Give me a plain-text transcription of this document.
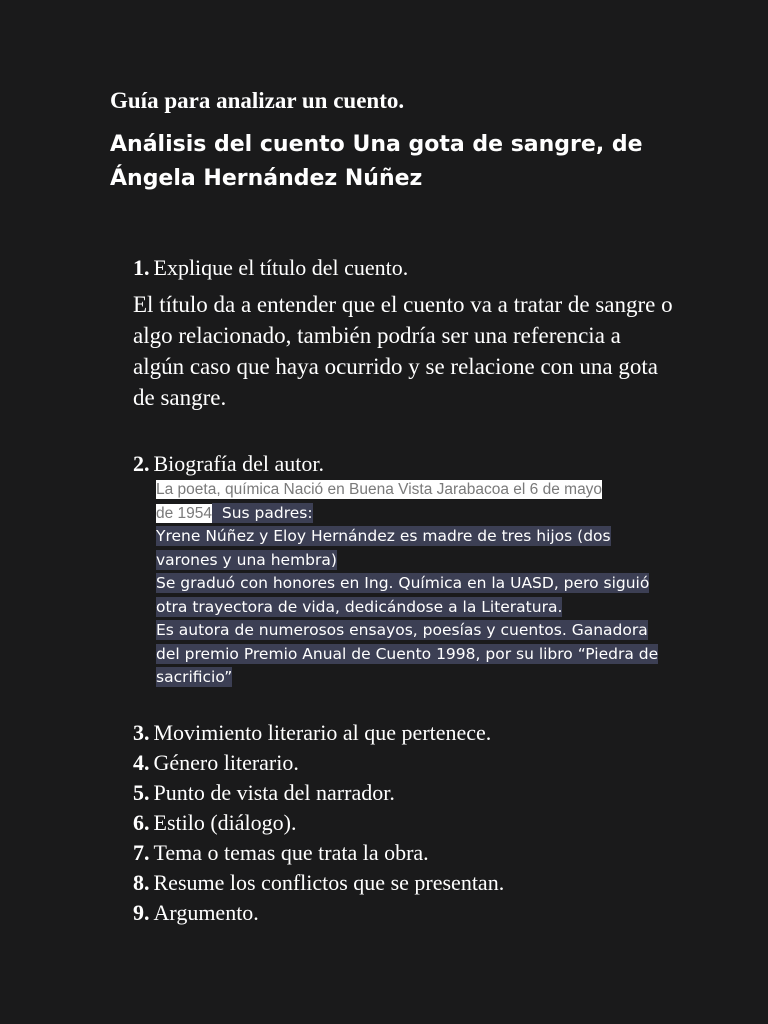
Guía para analizar un cuento.
Análisis del cuento Una gota de sangre, de Ángela Hernández Núñez
1. Explique el título del cuento.

El título da a entender que el cuento va a tratar de sangre o algo relacionado, también podría ser una referencia a algún caso que haya ocurrido y se relacione con una gota de sangre.

2. Biografía del autor.
La poeta, química Nació en Buena Vista Jarabacoa el 6 de mayo
de 1954 Sus padres:
Yrene Núñez y Eloy Hernández es madre de tres hijos (dos varones y una hembra)
Se graduó con honores en Ing. Química en la UASD, pero siguió otra trayectora de vida, dedicándose a la Literatura.
Es autora de numerosos ensayos, poesías y cuentos. Ganadora del premio Premio Anual de Cuento 1998, por su libro “Piedra de sacrificio”
3. Movimiento literario al que pertenece.
4. Género literario.
5. Punto de vista del narrador.
6. Estilo (diálogo).
7. Tema o temas que trata la obra.
8. Resume los conflictos que se presentan.
9. Argumento.
